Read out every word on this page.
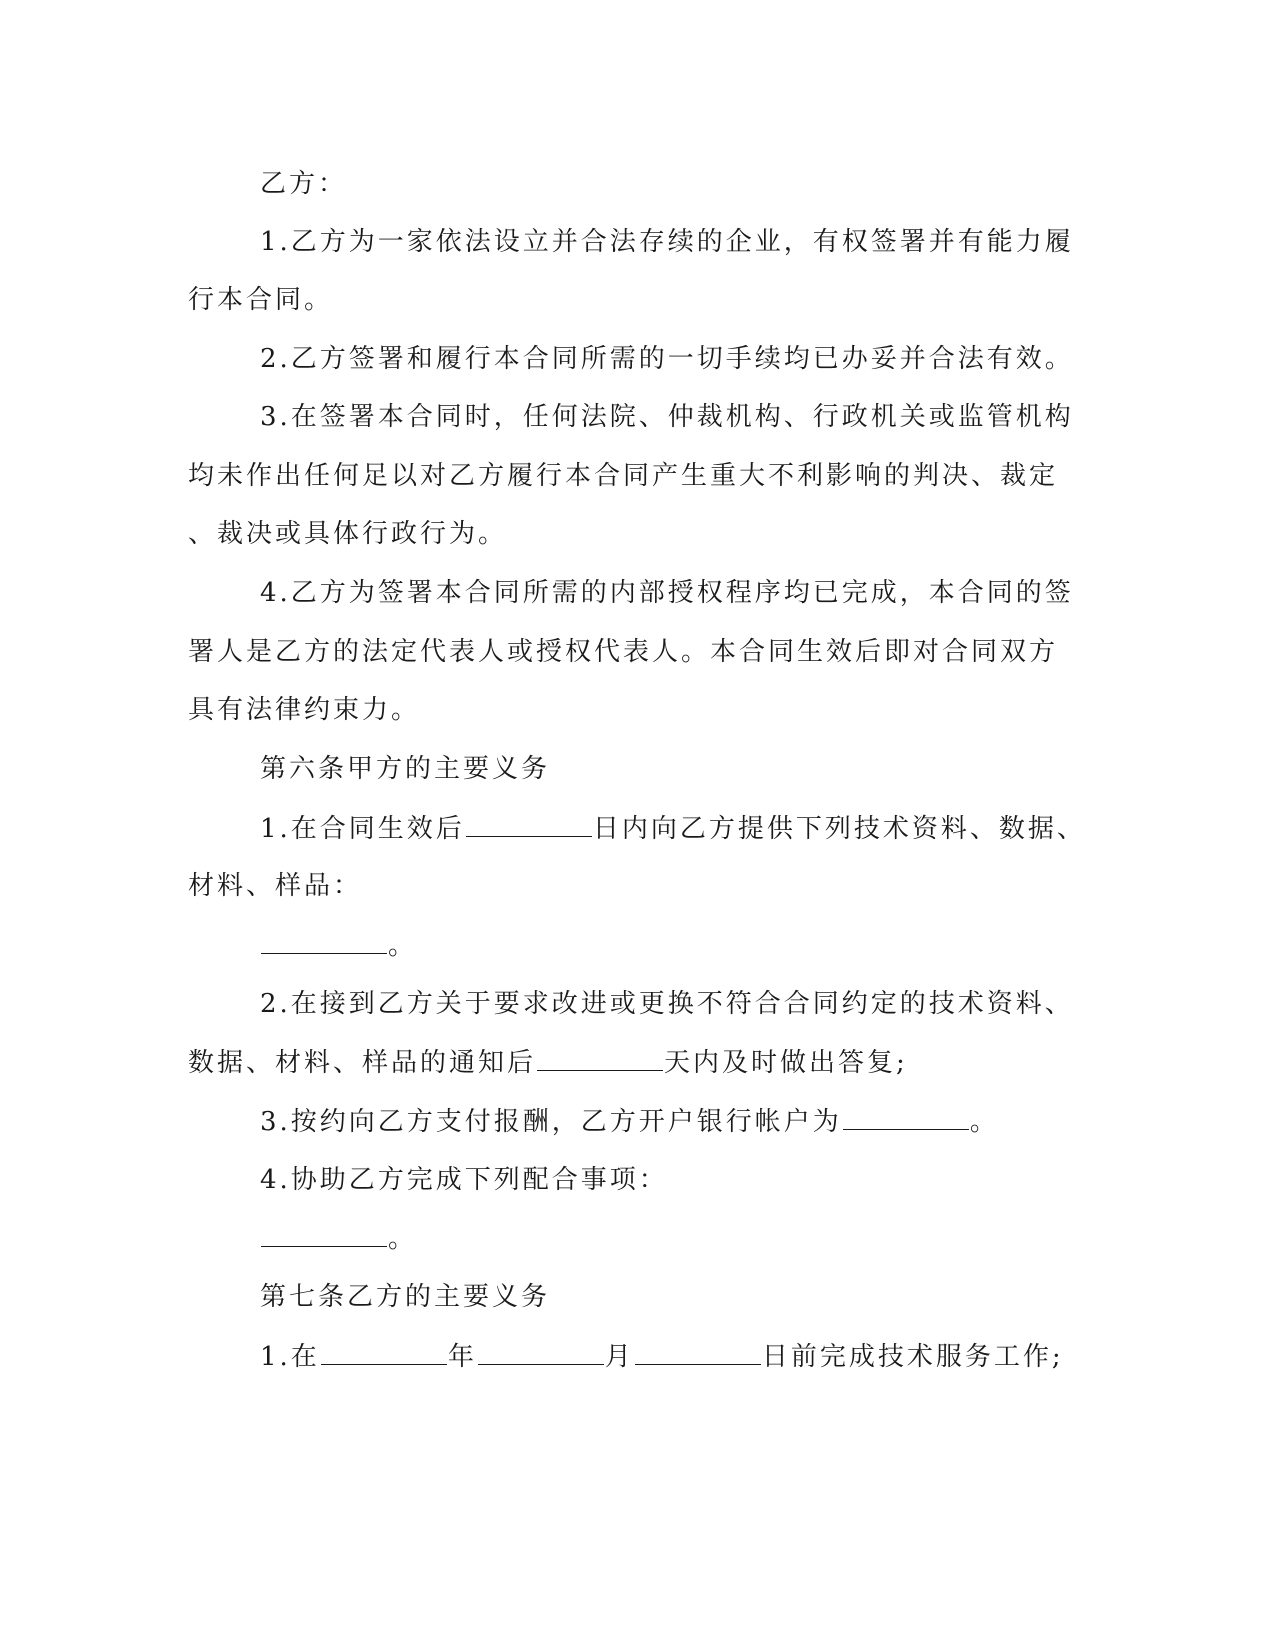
乙方：
1.乙方为一家依法设立并合法存续的企业，有权签署并有能力履
行本合同。
2.乙方签署和履行本合同所需的一切手续均已办妥并合法有效。
3.在签署本合同时，任何法院、仲裁机构、行政机关或监管机构
均未作出任何足以对乙方履行本合同产生重大不利影响的判决、裁定
、裁决或具体行政行为。
4.乙方为签署本合同所需的内部授权程序均已完成，本合同的签
署人是乙方的法定代表人或授权代表人。本合同生效后即对合同双方
具有法律约束力。
第六条甲方的主要义务
1.在合同生效后	日内向乙方提供下列技术资料、数据、
材料、样品：
。
2.在接到乙方关于要求改进或更换不符合合同约定的技术资料、
数据、材料、样品的通知后	天内及时做出答复;
3.按约向乙方支付报酬，乙方开户银行帐户为	。
4.协助乙方完成下列配合事项：
。
第七条乙方的主要义务
1.在	年	月	日前完成技术服务工作;
